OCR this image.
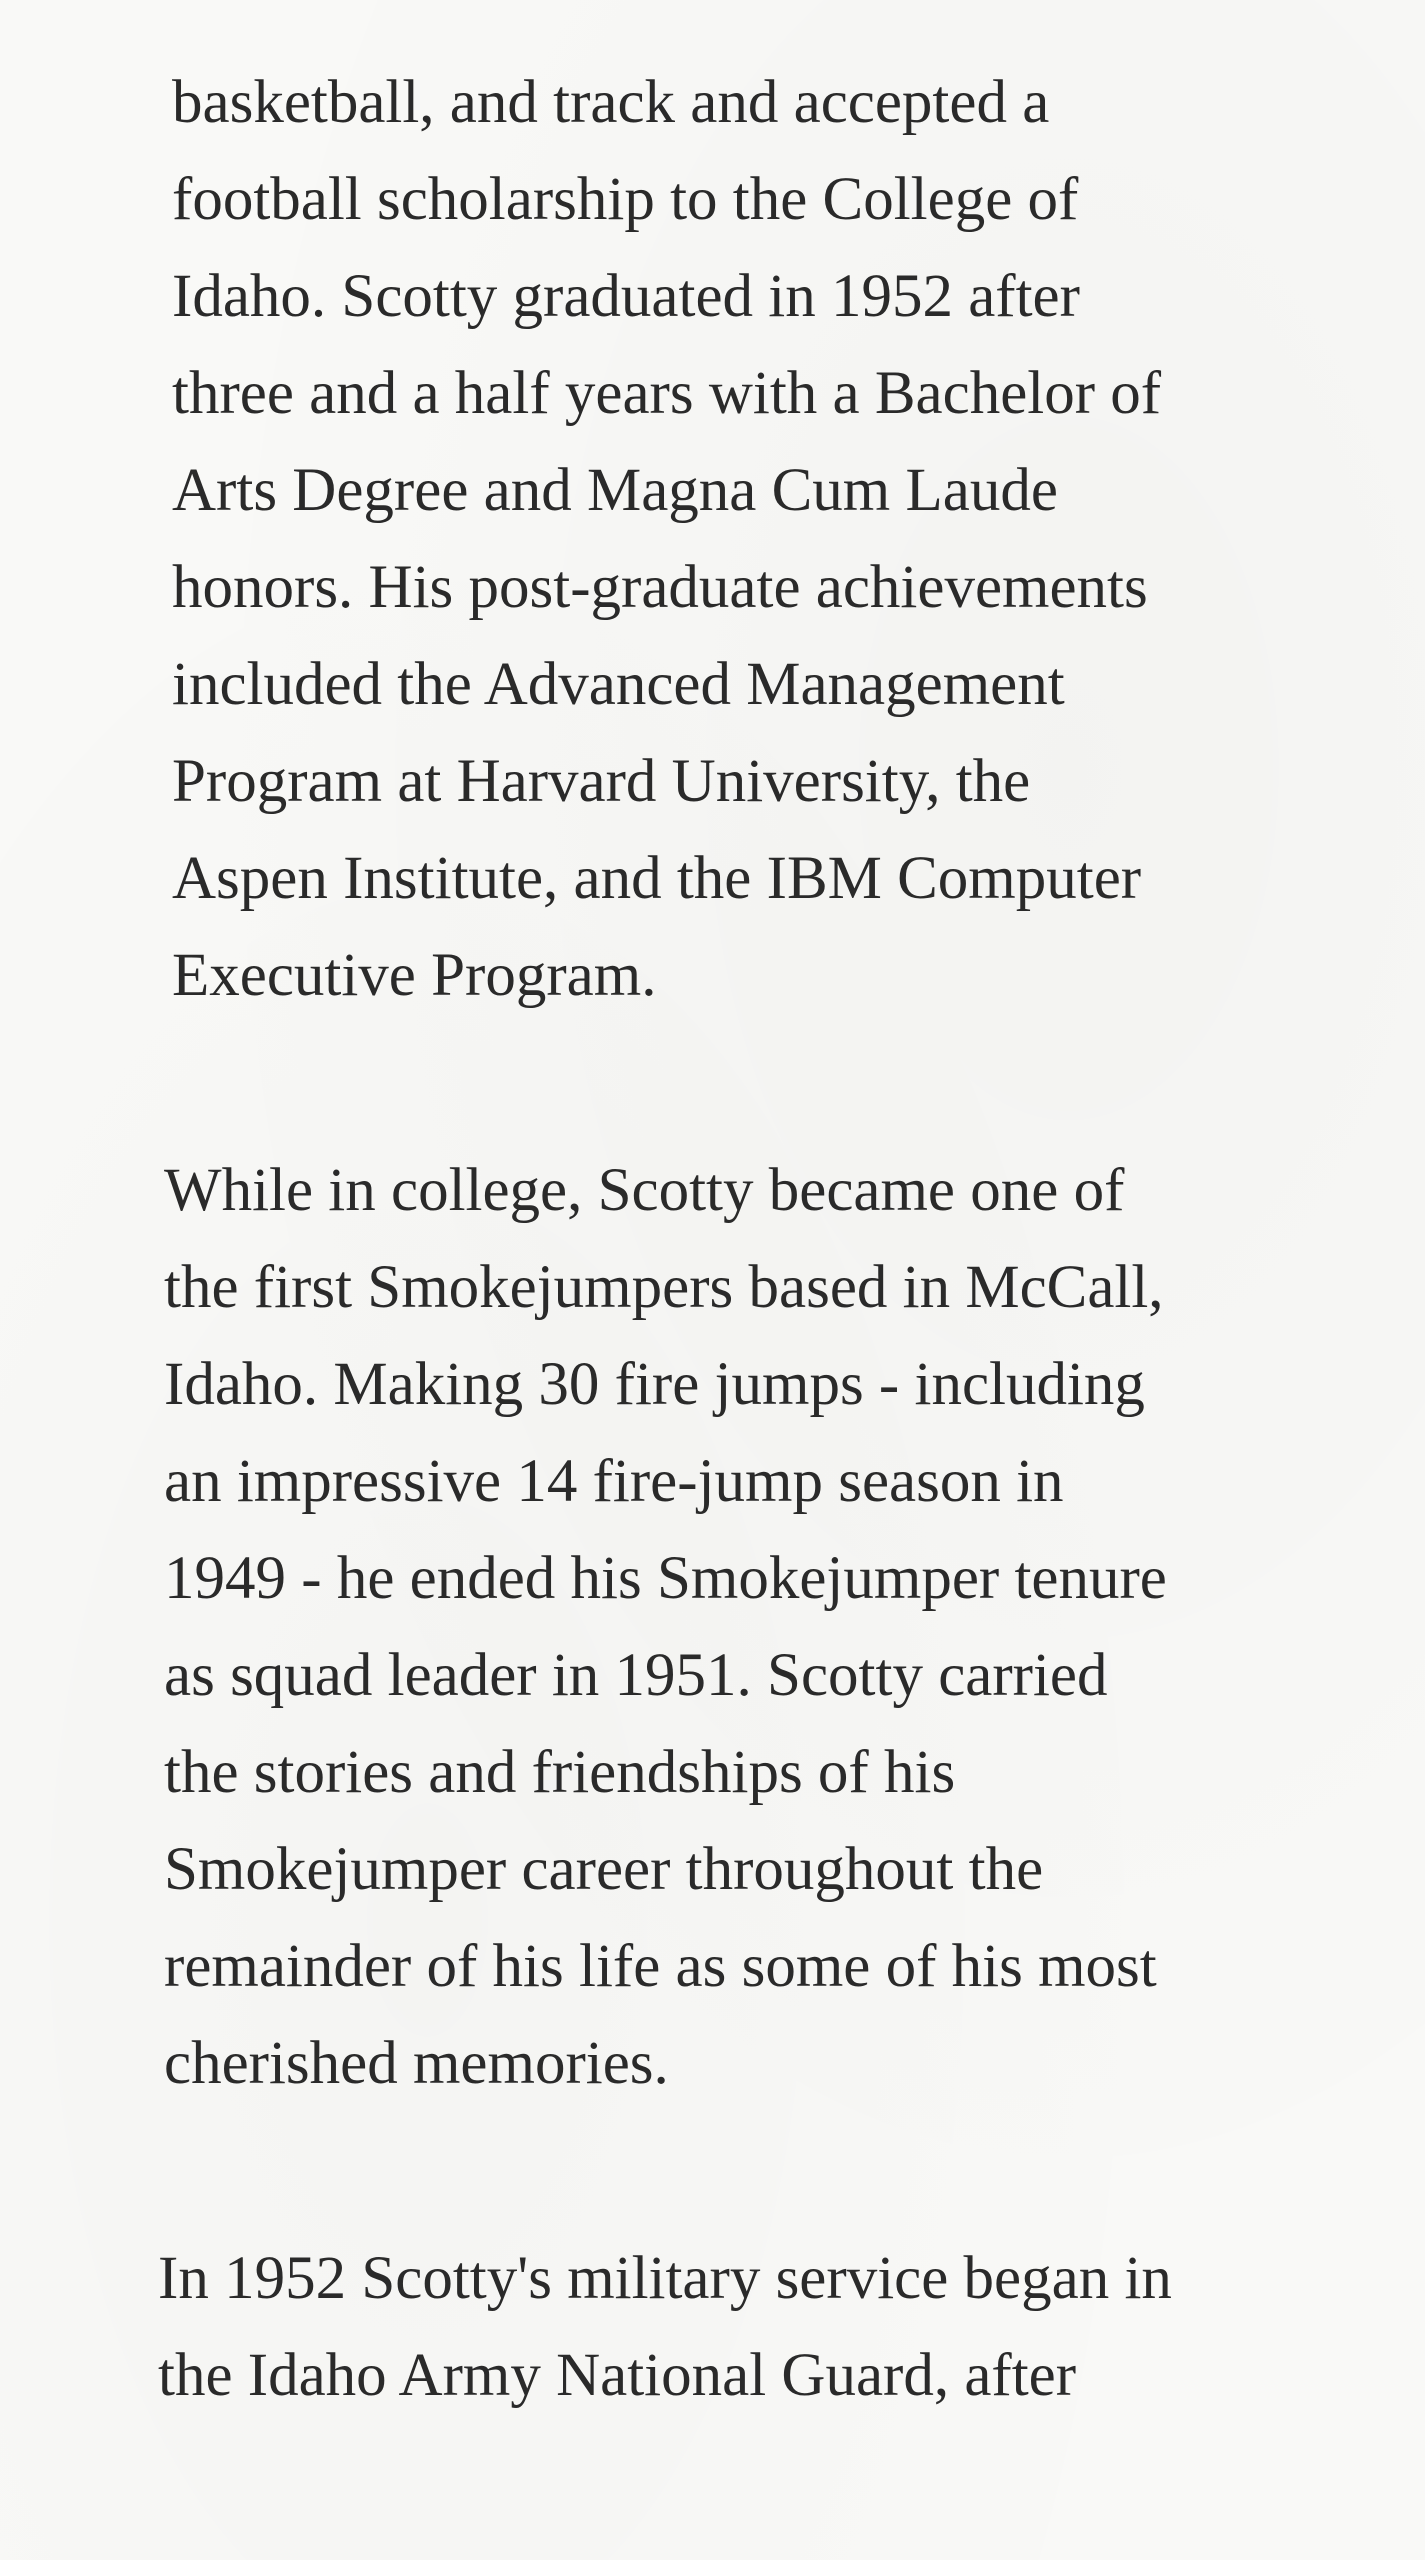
basketball, and track and accepted a
football scholarship to the College of
Idaho. Scotty graduated in 1952 after
three and a half years with a Bachelor of
Arts Degree and Magna Cum Laude
honors. His post-graduate achievements
included the Advanced Management
Program at Harvard University, the
Aspen Institute, and the IBM Computer
Executive Program.

While in college, Scotty became one of
the first Smokejumpers based in McCall,
Idaho. Making 30 fire jumps - including
an impressive 14 fire-jump season in
1949 - he ended his Smokejumper tenure
as squad leader in 1951. Scotty carried
the stories and friendships of his
Smokejumper career throughout the
remainder of his life as some of his most
cherished memories.

In 1952 Scotty's military service began in
the Idaho Army National Guard, after
